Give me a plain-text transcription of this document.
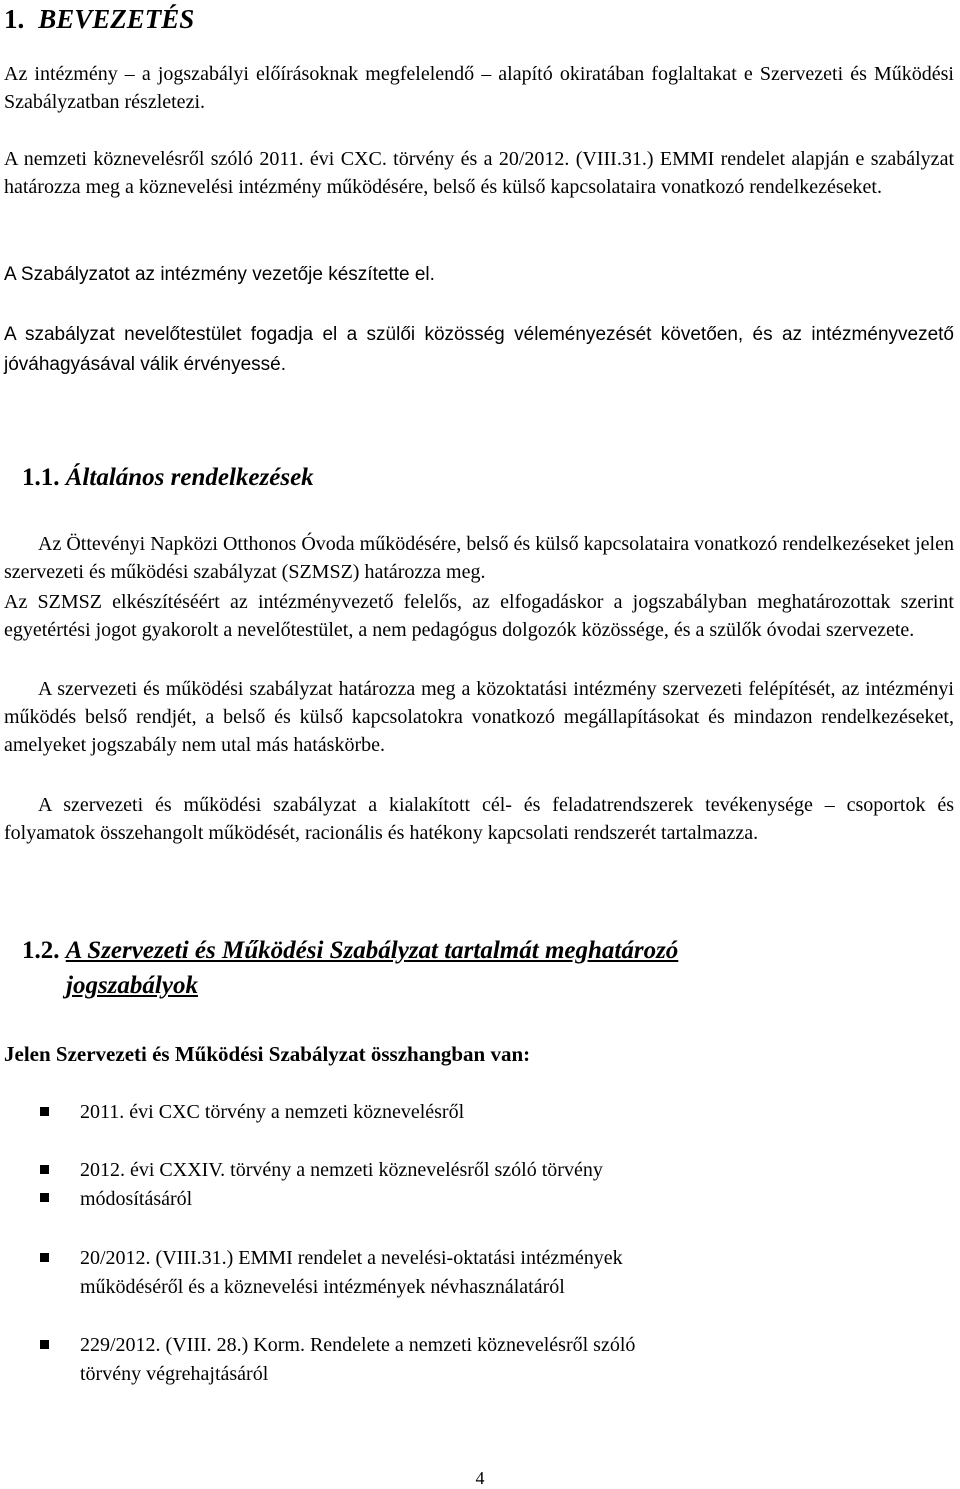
1. BEVEZETÉS
Az intézmény – a jogszabályi előírásoknak megfelelendő – alapító okiratában foglaltakat e Szervezeti és Működési Szabályzatban részletezi.
A nemzeti köznevelésről szóló 2011. évi CXC. törvény és a 20/2012. (VIII.31.) EMMI rendelet alapján e szabályzat határozza meg a köznevelési intézmény működésére, belső és külső kapcsolataira vonatkozó rendelkezéseket.
A Szabályzatot az intézmény vezetője készítette el.
A szabályzat nevelőtestület fogadja el a szülői közösség véleményezését követően, és az intézményvezető jóváhagyásával válik érvényessé.
1.1. Általános rendelkezések
Az Öttevényi Napközi Otthonos Óvoda működésére, belső és külső kapcsolataira vonatkozó rendelkezéseket jelen szervezeti és működési szabályzat (SZMSZ) határozza meg.
Az SZMSZ elkészítéséért az intézményvezető felelős, az elfogadáskor a jogszabályban meghatározottak szerint egyetértési jogot gyakorolt a nevelőtestület, a nem pedagógus dolgozók közössége, és a szülők óvodai szervezete.
A szervezeti és működési szabályzat határozza meg a közoktatási intézmény szervezeti felépítését, az intézményi működés belső rendjét, a belső és külső kapcsolatokra vonatkozó megállapításokat és mindazon rendelkezéseket, amelyeket jogszabály nem utal más hatáskörbe.
A szervezeti és működési szabályzat a kialakított cél- és feladatrendszerek tevékenysége – csoportok és folyamatok összehangolt működését, racionális és hatékony kapcsolati rendszerét tartalmazza.
1.2. A Szervezeti és Működési Szabályzat tartalmát meghatározó
jogszabályok
Jelen Szervezeti és Működési Szabályzat összhangban van:
2011. évi CXC törvény a nemzeti köznevelésről
2012. évi CXXIV. törvény a nemzeti köznevelésről szóló törvény
módosításáról
20/2012. (VIII.31.) EMMI rendelet a nevelési-oktatási intézmények
működéséről és a köznevelési intézmények névhasználatáról
229/2012. (VIII. 28.) Korm. Rendelete a nemzeti köznevelésről szóló
törvény végrehajtásáról
4
